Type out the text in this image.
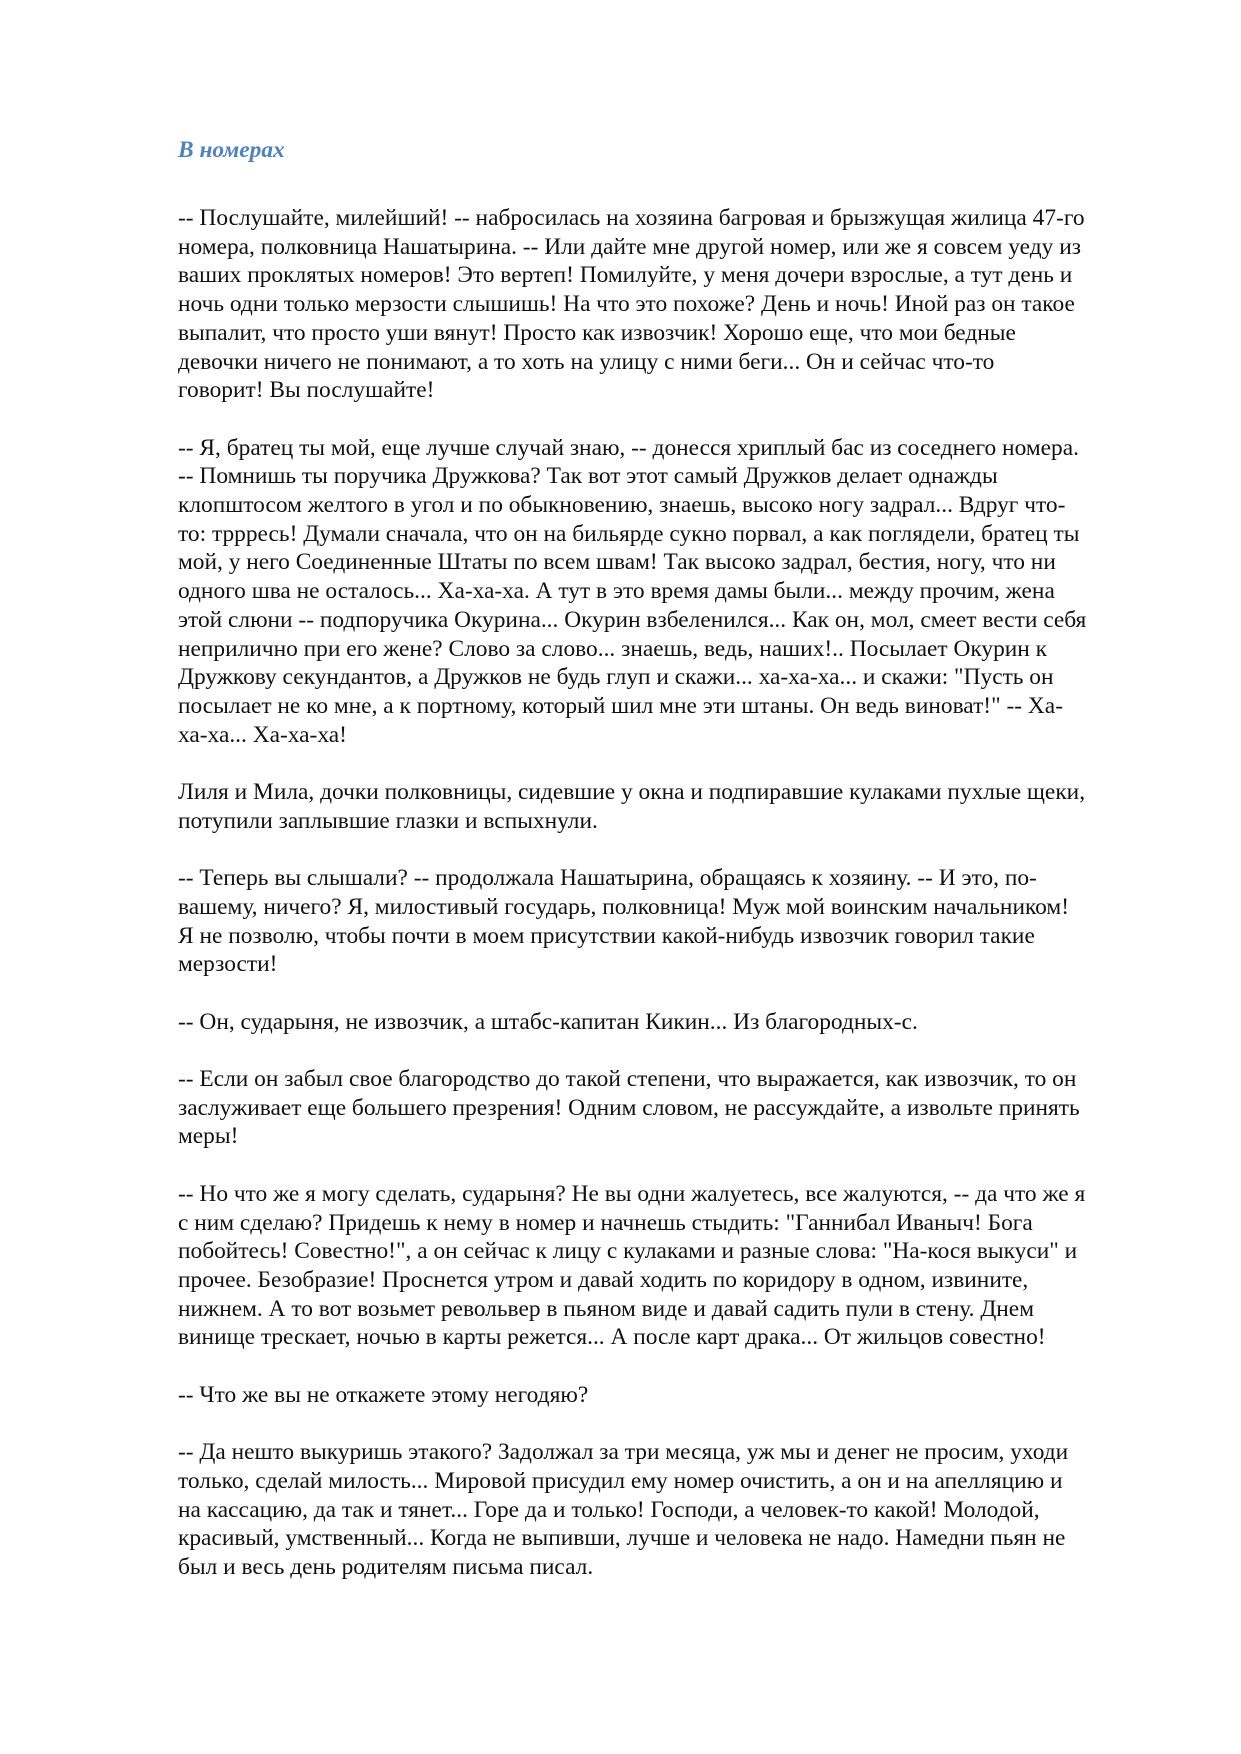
В номерах
-- Послушайте, милейший! -- набросилась на хозяина багровая и брызжущая жилица 47-го
номера, полковница Нашатырина. -- Или дайте мне другой номер, или же я совсем уеду из
ваших проклятых номеров! Это вертеп! Помилуйте, у меня дочери взрослые, а тут день и
ночь одни только мерзости слышишь! На что это похоже? День и ночь! Иной раз он такое
выпалит, что просто уши вянут! Просто как извозчик! Хорошо еще, что мои бедные
девочки ничего не понимают, а то хоть на улицу с ними беги... Он и сейчас что-то
говорит! Вы послушайте!
-- Я, братец ты мой, еще лучше случай знаю, -- донесся хриплый бас из соседнего номера.
-- Помнишь ты поручика Дружкова? Так вот этот самый Дружков делает однажды
клопштосом желтого в угол и по обыкновению, знаешь, высоко ногу задрал... Вдруг что-
то: тррресь! Думали сначала, что он на бильярде сукно порвал, а как поглядели, братец ты
мой, у него Соединенные Штаты по всем швам! Так высоко задрал, бестия, ногу, что ни
одного шва не осталось... Ха-ха-ха. А тут в это время дамы были... между прочим, жена
этой слюни -- подпоручика Окурина... Окурин взбеленился... Как он, мол, смеет вести себя
неприлично при его жене? Слово за слово... знаешь, ведь, наших!.. Посылает Окурин к
Дружкову секундантов, а Дружков не будь глуп и скажи... ха-ха-ха... и скажи: "Пусть он
посылает не ко мне, а к портному, который шил мне эти штаны. Он ведь виноват!" -- Ха-
ха-ха... Ха-ха-ха!
Лиля и Мила, дочки полковницы, сидевшие у окна и подпиравшие кулаками пухлые щеки,
потупили заплывшие глазки и вспыхнули.
-- Теперь вы слышали? -- продолжала Нашатырина, обращаясь к хозяину. -- И это, по-
вашему, ничего? Я, милостивый государь, полковница! Муж мой воинским начальником!
Я не позволю, чтобы почти в моем присутствии какой-нибудь извозчик говорил такие
мерзости!
-- Он, сударыня, не извозчик, а штабс-капитан Кикин... Из благородных-с.
-- Если он забыл свое благородство до такой степени, что выражается, как извозчик, то он
заслуживает еще большего презрения! Одним словом, не рассуждайте, а извольте принять
меры!
-- Но что же я могу сделать, сударыня? Не вы одни жалуетесь, все жалуются, -- да что же я
с ним сделаю? Придешь к нему в номер и начнешь стыдить: "Ганнибал Иваныч! Бога
побойтесь! Совестно!", а он сейчас к лицу с кулаками и разные слова: "На-кося выкуси" и
прочее. Безобразие! Проснется утром и давай ходить по коридору в одном, извините,
нижнем. А то вот возьмет револьвер в пьяном виде и давай садить пули в стену. Днем
винище трескает, ночью в карты режется... А после карт драка... От жильцов совестно!
-- Что же вы не откажете этому негодяю?
-- Да нешто выкуришь этакого? Задолжал за три месяца, уж мы и денег не просим, уходи
только, сделай милость... Мировой присудил ему номер очистить, а он и на апелляцию и
на кассацию, да так и тянет... Горе да и только! Господи, а человек-то какой! Молодой,
красивый, умственный... Когда не выпивши, лучше и человека не надо. Намедни пьян не
был и весь день родителям письма писал.
